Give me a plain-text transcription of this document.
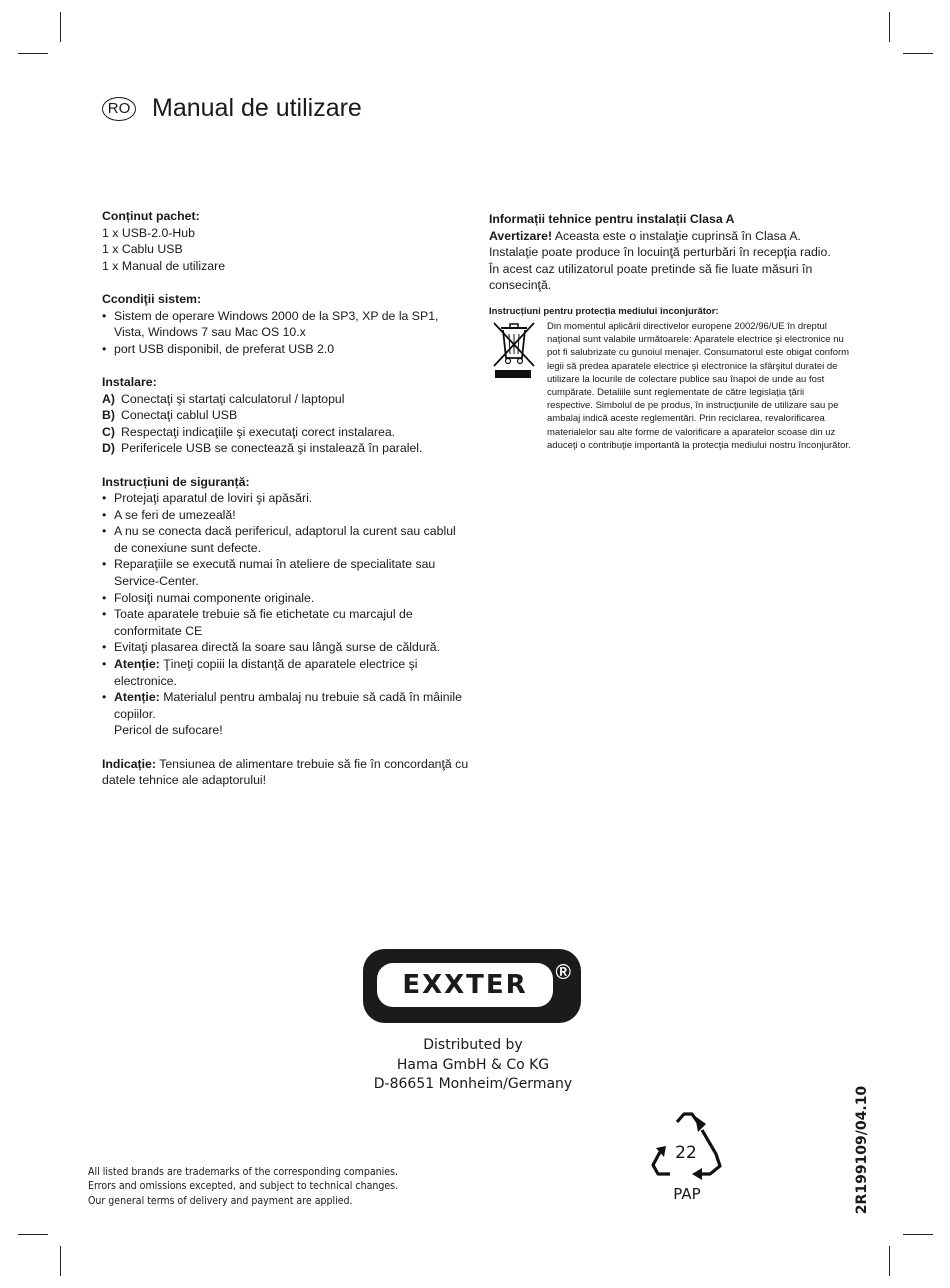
RO Manual de utilizare
Conținut pachet:
1 x USB-2.0-Hub
1 x Cablu USB
1 x Manual de utilizare
Ccondiţii sistem:
• Sistem de operare Windows 2000 de la SP3, XP de la SP1, Vista, Windows 7 sau Mac OS 10.x
• port USB disponibil, de preferat USB 2.0
Instalare:
A) Conectaţi şi startaţi calculatorul / laptopul
B) Conectaţi cablul USB
C) Respectaţi indicaţiile şi executaţi corect instalarea.
D) Perifericele USB se conectează şi instalează în paralel.
Instrucțiuni de siguranță:
• Protejaţi aparatul de loviri şi apăsări.
• A se feri de umezeală!
• A nu se conecta dacă perifericul, adaptorul la curent sau cablul de conexiune sunt defecte.
• Reparaţiile se execută numai în ateliere de specialitate sau Service-Center.
• Folosiţi numai componente originale.
• Toate aparatele trebuie să fie etichetate cu marcajul de conformitate CE
• Evitaţi plasarea directă la soare sau lângă surse de căldură.
• Atenție: Ţineţi copiii la distanţă de aparatele electrice şi electronice.
• Atenție: Materialul pentru ambalaj nu trebuie să cadă în mâinile copiilor.
Pericol de sufocare!
Indicație: Tensiunea de alimentare trebuie să fie în concordanţă cu datele tehnice ale adaptorului!
Informații tehnice pentru instalații Clasa A
Avertizare! Aceasta este o instalaţie cuprinsă în Clasa A. Instalaţie poate produce în locuinţă perturbări în recepţia radio.
În acest caz utilizatorul poate pretinde să fie luate măsuri în consecinţă.
Instrucțiuni pentru protecția mediului înconjurător:
Din momentul aplicării directivelor europene 2002/96/UE în dreptul naţional sunt valabile următoarele: Aparatele electrice şi electronice nu pot fi salubrizate cu gunoiul menajer. Consumatorul este obigat conform legii să predea aparatele electrice şi electronice la sfârşitul duratei de utilizare la locurile de colectare publice sau înapoi de unde au fost cumpărate. Detaliile sunt reglementate de către legislaţia ţării respective. Simbolul de pe produs, în instrucţiunile de utilizare sau pe ambalaj indică aceste reglementări. Prin reciclarea, revalorificarea materialelor sau alte forme de valorificare a aparatelor scoase din uz aduceţi o contribuţie importantă la protecţia mediului nostru înconjurător.
EXXTER ®
Distributed by
Hama GmbH & Co KG
D-86651 Monheim/Germany
All listed brands are trademarks of the corresponding companies.
Errors and omissions excepted, and subject to technical changes.
Our general terms of delivery and payment are applied.
22
PAP	2R199109/04.10
